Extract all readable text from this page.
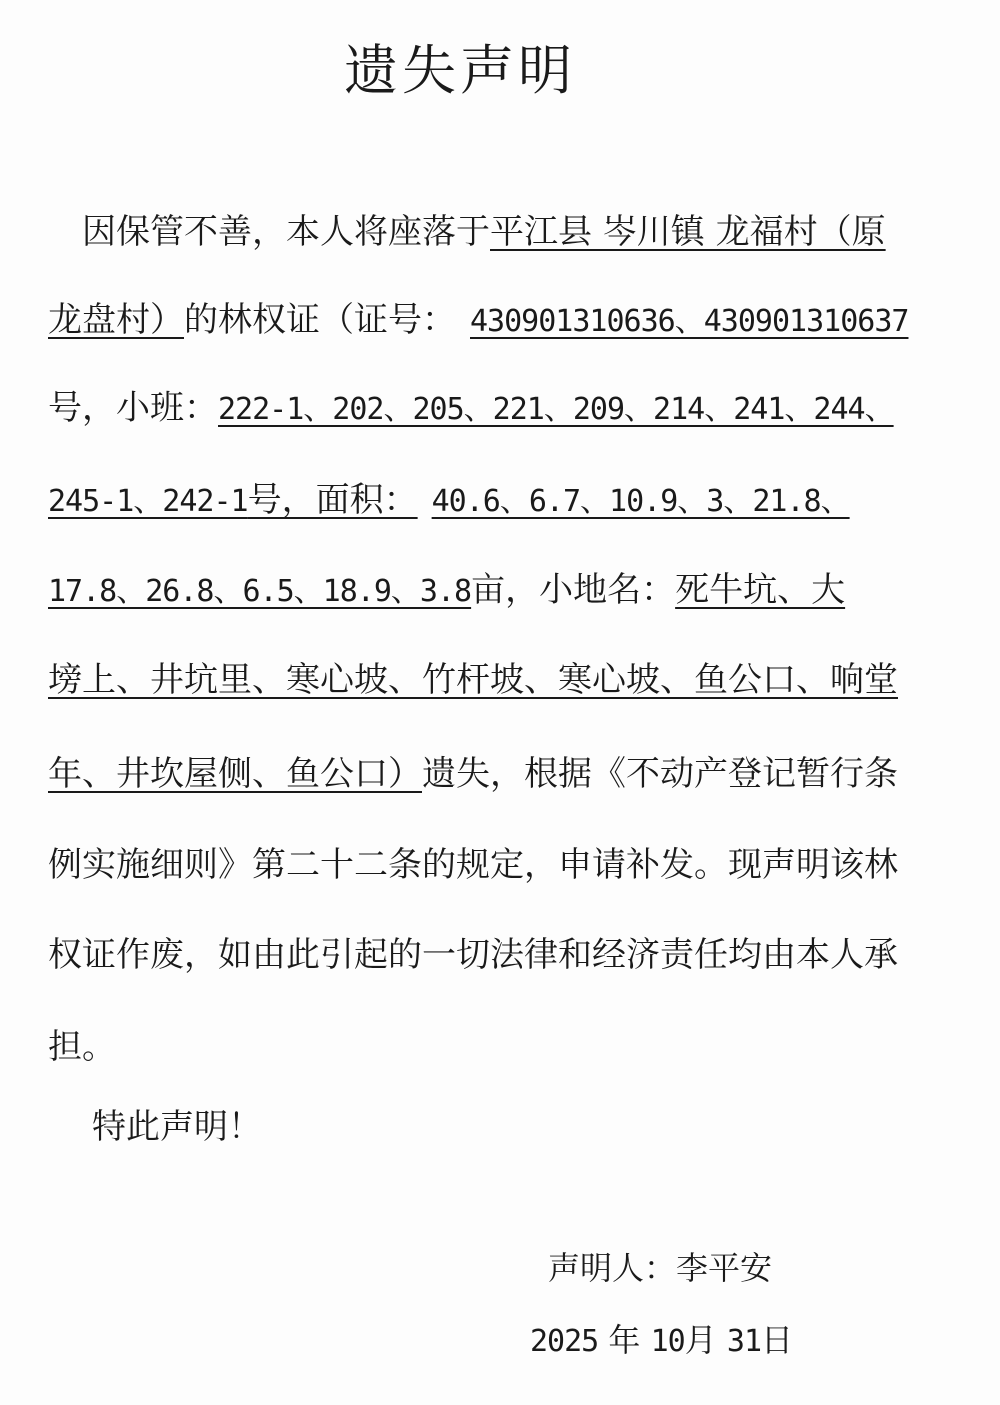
遗失声明
因保管不善，本人将座落于平江县 岑川镇 龙福村（原
龙盘村）的林权证（证号： 430901310636、430901310637
号，小班：222-1、202、205、221、209、214、241、244、
245-1、242-1号，面积： 40.6、6.7、10.9、3、21.8、
17.8、26.8、6.5、18.9、3.8亩，小地名：死牛坑、大
塝上、井坑里、寒心坡、竹杆坡、寒心坡、鱼公口、响堂
年、井坎屋侧、鱼公口）遗失，根据《不动产登记暂行条
例实施细则》第二十二条的规定，申请补发。现声明该林
权证作废，如由此引起的一切法律和经济责任均由本人承
担。
特此声明！
声明人：李平安
2025 年 10月 31日
